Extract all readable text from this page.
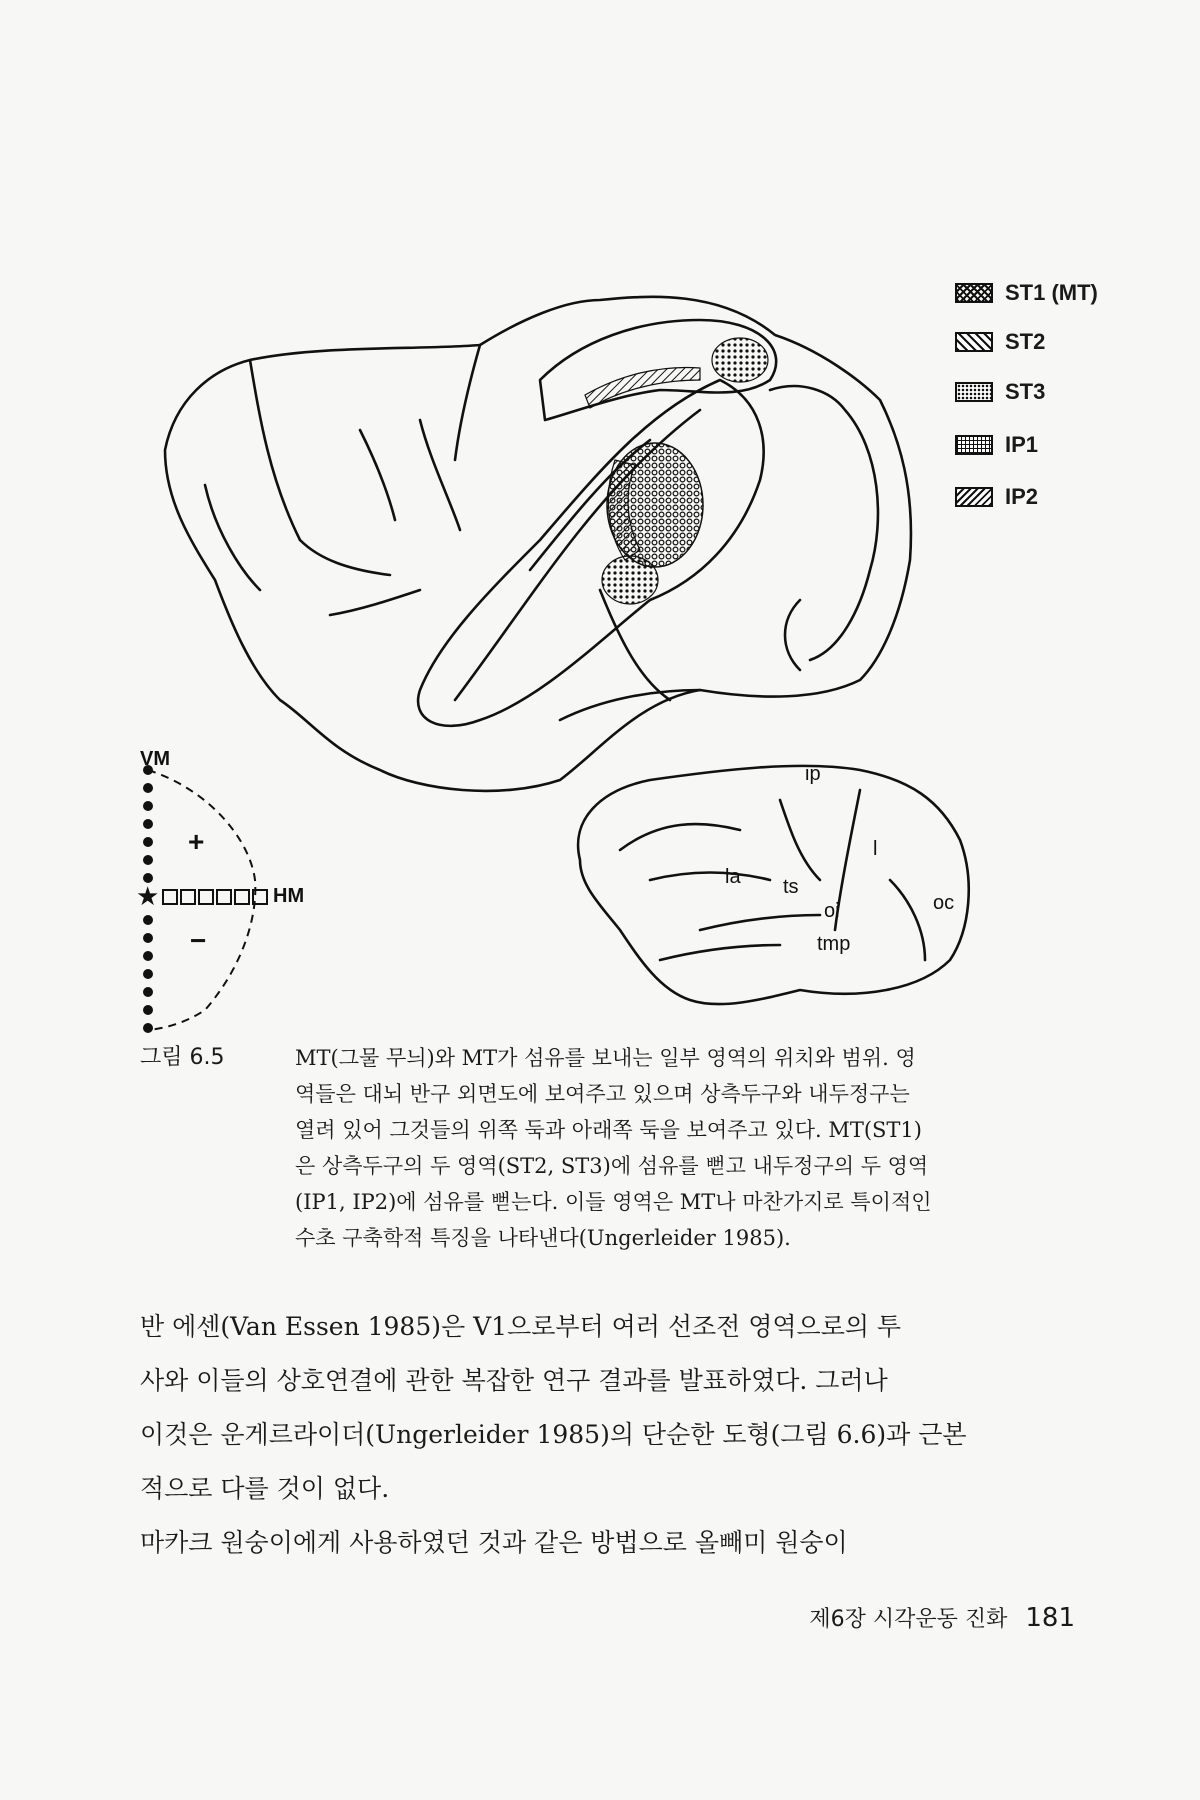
★
VM
HM
+
−
ip
l
la ts
oi	oc
tmp
ST1 (MT)
ST2
ST3
IP1
IP2
그림 6.5	MT(그물 무늬)와 MT가 섬유를 보내는 일부 영역의 위치와 범위. 영
역들은 대뇌 반구 외면도에 보여주고 있으며 상측두구와 내두정구는
열려 있어 그것들의 위쪽 둑과 아래쪽 둑을 보여주고 있다. MT(ST1)
은 상측두구의 두 영역(ST2, ST3)에 섬유를 뻗고 내두정구의 두 영역
(IP1, IP2)에 섬유를 뻗는다. 이들 영역은 MT나 마찬가지로 특이적인
수초 구축학적 특징을 나타낸다(Ungerleider 1985).
반 에센(Van Essen 1985)은 V1으로부터 여러 선조전 영역으로의 투
사와 이들의 상호연결에 관한 복잡한 연구 결과를 발표하였다. 그러나
이것은 운게르라이더(Ungerleider 1985)의 단순한 도형(그림 6.6)과 근본
적으로 다를 것이 없다.
마카크 원숭이에게 사용하였던 것과 같은 방법으로 올빼미 원숭이
제6장 시각운동 진화 181
